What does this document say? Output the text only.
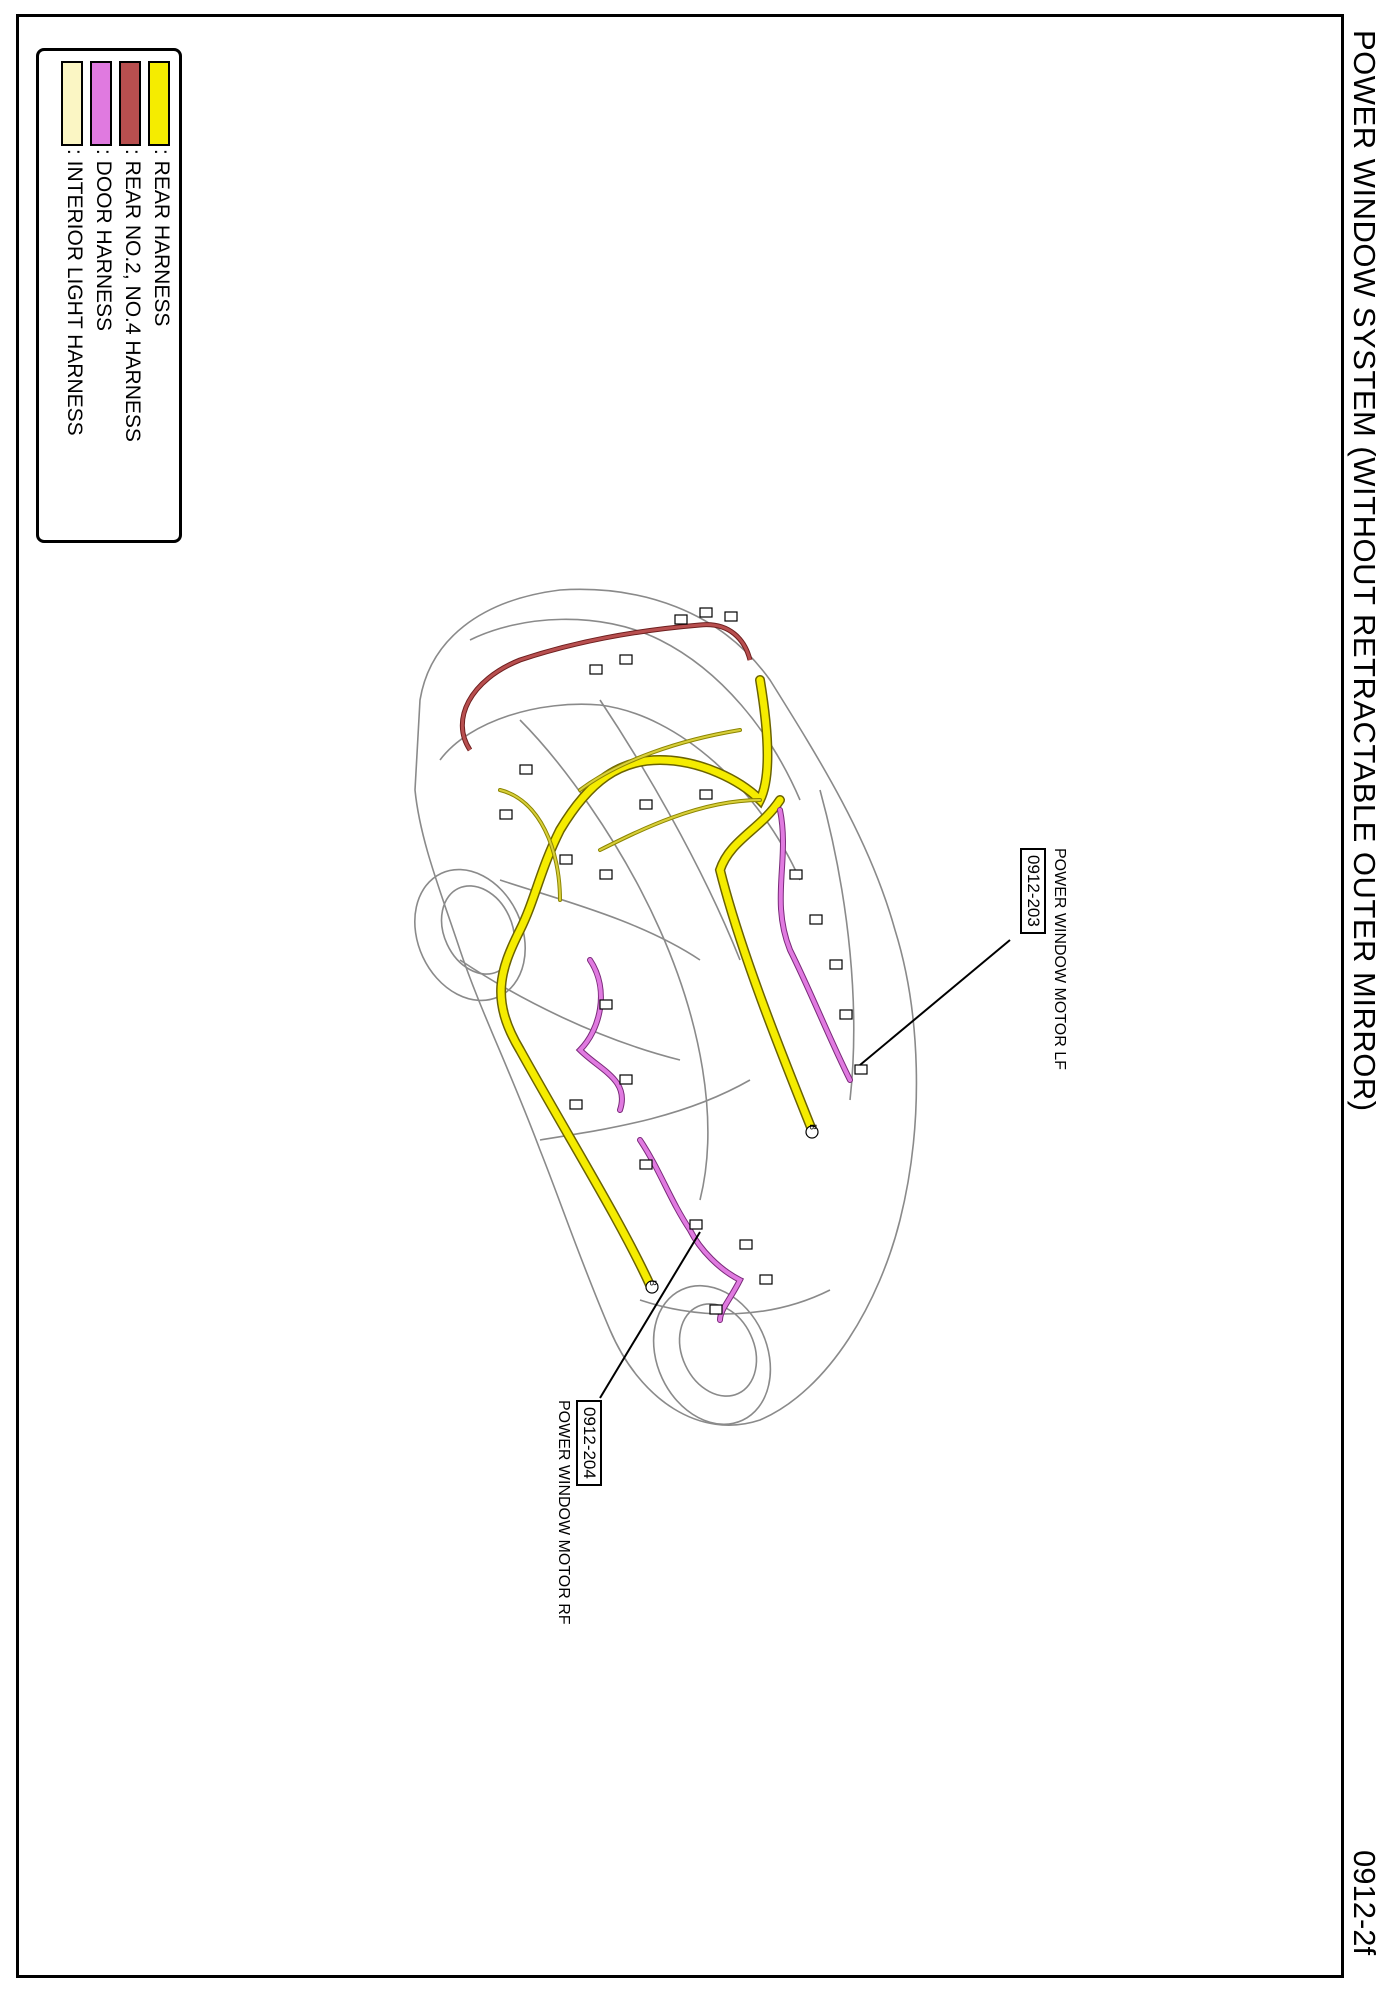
POWER WINDOW SYSTEM (WITHOUT RETRACTABLE OUTER MIRROR)
0912-2f
: REAR HARNESS
: REAR NO.2, NO.4 HARNESS
: DOOR HARNESS
: INTERIOR LIGHT HARNESS
POWER WINDOW MOTOR LF
0912-203
0912-204
POWER WINDOW MOTOR RF
B
B
